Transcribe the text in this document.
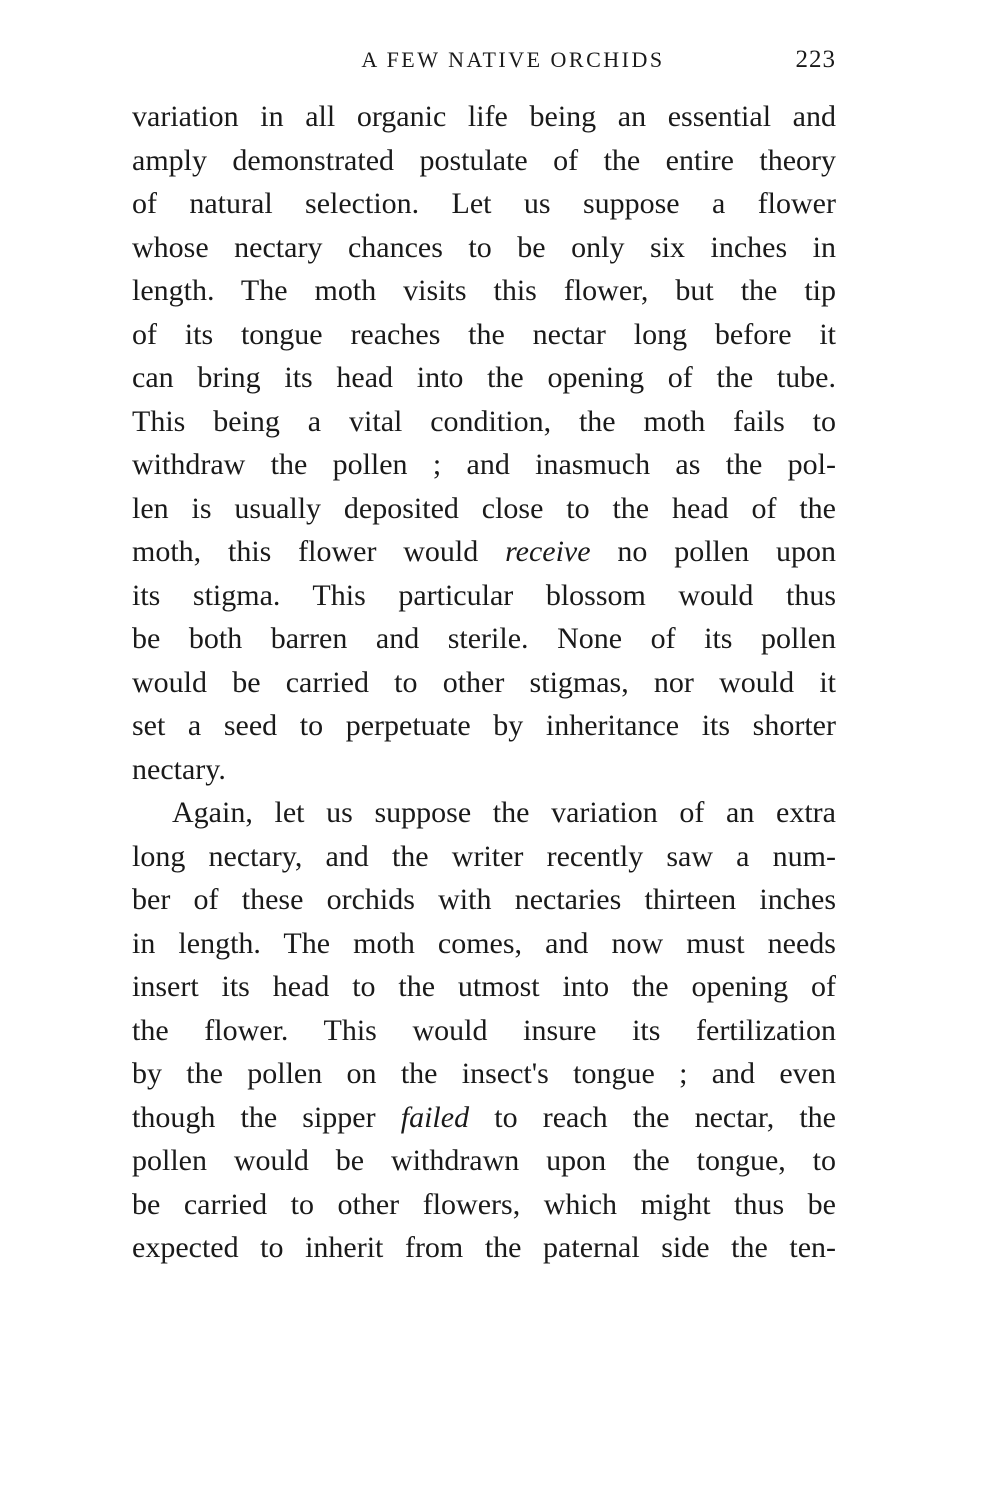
A FEW NATIVE ORCHIDS	223
variation in all organic life being an essential and
amply demonstrated postulate of the entire theory
of natural selection. Let us suppose a flower
whose nectary chances to be only six inches in
length. The moth visits this flower, but the tip
of its tongue reaches the nectar long before it
can bring its head into the opening of the tube.
This being a vital condition, the moth fails to
withdraw the pollen ; and inasmuch as the pol-
len is usually deposited close to the head of the
moth, this flower would receive no pollen upon
its stigma. This particular blossom would thus
be both barren and sterile. None of its pollen
would be carried to other stigmas, nor would it
set a seed to perpetuate by inheritance its shorter
nectary.
Again, let us suppose the variation of an extra
long nectary, and the writer recently saw a num-
ber of these orchids with nectaries thirteen inches
in length. The moth comes, and now must needs
insert its head to the utmost into the opening of
the flower. This would insure its fertilization
by the pollen on the insect's tongue ; and even
though the sipper failed to reach the nectar, the
pollen would be withdrawn upon the tongue, to
be carried to other flowers, which might thus be
expected to inherit from the paternal side the ten-
